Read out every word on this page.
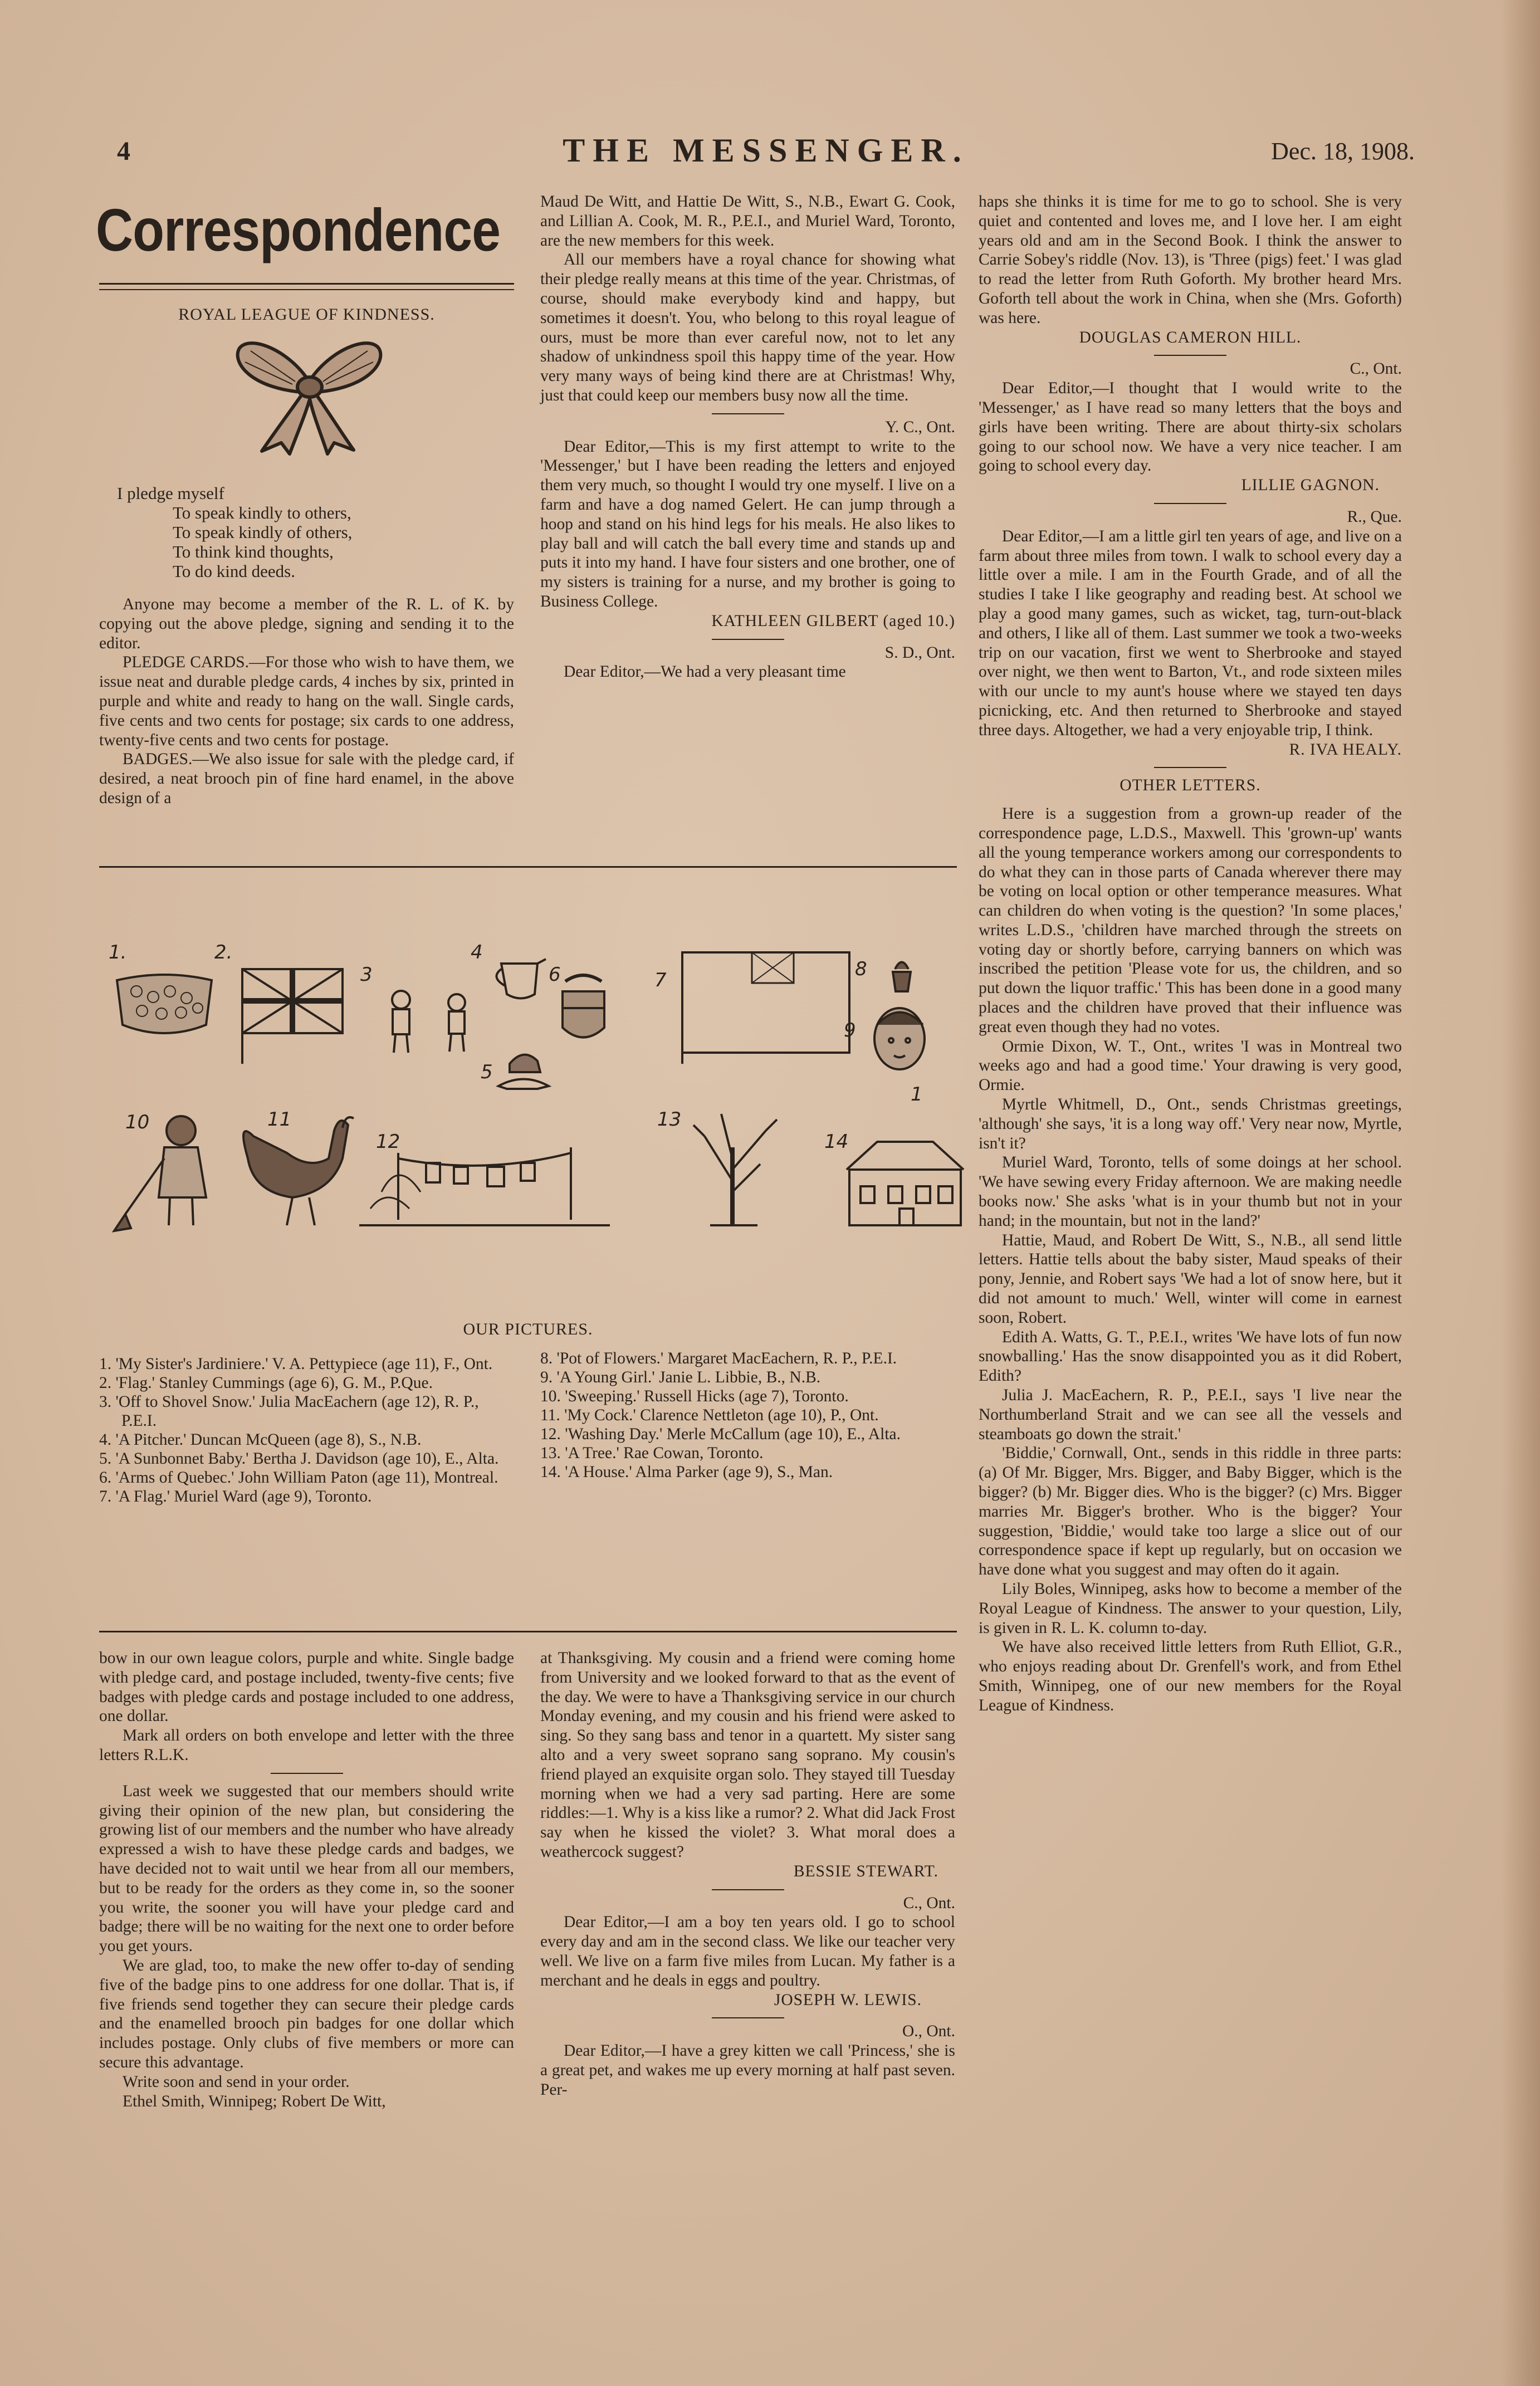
4	THE MESSENGER.	Dec. 18, 1908.
Correspondence
ROYAL LEAGUE OF KINDNESS.
I pledge myself
To speak kindly to others,
To speak kindly of others,
To think kind thoughts,
To do kind deeds.

Anyone may become a member of the R. L. of K. by copying out the above pledge, signing and sending it to the editor.

PLEDGE CARDS.—For those who wish to have them, we issue neat and durable pledge cards, 4 inches by six, printed in purple and white and ready to hang on the wall. Single cards, five cents and two cents for postage; six cards to one address, twenty-five cents and two cents for postage.

BADGES.—We also issue for sale with the pledge card, if desired, a neat brooch pin of fine hard enamel, in the above design of a

Maud De Witt, and Hattie De Witt, S., N.B., Ewart G. Cook, and Lillian A. Cook, M. R., P.E.I., and Muriel Ward, Toronto, are the new members for this week.

All our members have a royal chance for showing what their pledge really means at this time of the year. Christmas, of course, should make everybody kind and happy, but sometimes it doesn't. You, who belong to this royal league of ours, must be more than ever careful now, not to let any shadow of unkindness spoil this happy time of the year. How very many ways of being kind there are at Christmas! Why, just that could keep our members busy now all the time.

Y. C., Ont.

Dear Editor,—This is my first attempt to write to the 'Messenger,' but I have been reading the letters and enjoyed them very much, so thought I would try one myself. I live on a farm and have a dog named Gelert. He can jump through a hoop and stand on his hind legs for his meals. He also likes to play ball and will catch the ball every time and stands up and puts it into my hand. I have four sisters and one brother, one of my sisters is training for a nurse, and my brother is going to Business College.

KATHLEEN GILBERT (aged 10.)
S. D., Ont.

Dear Editor,—We had a very pleasant time

haps she thinks it is time for me to go to school. She is very quiet and contented and loves me, and I love her. I am eight years old and am in the Second Book. I think the answer to Carrie Sobey's riddle (Nov. 13), is 'Three (pigs) feet.' I was glad to read the letter from Ruth Goforth. My brother heard Mrs. Goforth tell about the work in China, when she (Mrs. Goforth) was here.

DOUGLAS CAMERON HILL.
C., Ont.

Dear Editor,—I thought that I would write to the 'Messenger,' as I have read so many letters that the boys and girls have been writing. There are about thirty-six scholars going to our school now. We have a very nice teacher. I am going to school every day.

LILLIE GAGNON.
R., Que.

Dear Editor,—I am a little girl ten years of age, and live on a farm about three miles from town. I walk to school every day a little over a mile. I am in the Fourth Grade, and of all the studies I take I like geography and reading best. At school we play a good many games, such as wicket, tag, turn-out-black and others, I like all of them. Last summer we took a two-weeks trip on our vacation, first we went to Sherbrooke and stayed over night, we then went to Barton, Vt., and rode sixteen miles with our uncle to my aunt's house where we stayed ten days picnicking, etc. And then returned to Sherbrooke and stayed three days. Altogether, we had a very enjoyable trip, I think.

R. IVA HEALY.
OTHER LETTERS.

Here is a suggestion from a grown-up reader of the correspondence page, L.D.S., Maxwell. This 'grown-up' wants all the young temperance workers among our correspondents to do what they can in those parts of Canada wherever there may be voting on local option or other temperance measures. What can children do when voting is the question? 'In some places,' writes L.D.S., 'children have marched through the streets on voting day or shortly before, carrying banners on which was inscribed the petition 'Please vote for us, the children, and so put down the liquor traffic.' This has been done in a good many places and the children have proved that their influence was great even though they had no votes.

Ormie Dixon, W. T., Ont., writes 'I was in Montreal two weeks ago and had a good time.' Your drawing is very good, Ormie.

Myrtle Whitmell, D., Ont., sends Christmas greetings, 'although' she says, 'it is a long way off.' Very near now, Myrtle, isn't it?

Muriel Ward, Toronto, tells of some doings at her school. 'We have sewing every Friday afternoon. We are making needle books now.' She asks 'what is in your thumb but not in your hand; in the mountain, but not in the land?'

Hattie, Maud, and Robert De Witt, S., N.B., all send little letters. Hattie tells about the baby sister, Maud speaks of their pony, Jennie, and Robert says 'We had a lot of snow here, but it did not amount to much.' Well, winter will come in earnest soon, Robert.

Edith A. Watts, G. T., P.E.I., writes 'We have lots of fun now snowballing.' Has the snow disappointed you as it did Robert, Edith?

Julia J. MacEachern, R. P., P.E.I., says 'I live near the Northumberland Strait and we can see all the vessels and steamboats go down the strait.'

'Biddie,' Cornwall, Ont., sends in this riddle in three parts: (a) Of Mr. Bigger, Mrs. Bigger, and Baby Bigger, which is the bigger? (b) Mr. Bigger dies. Who is the bigger? (c) Mrs. Bigger marries Mr. Bigger's brother. Who is the bigger? Your suggestion, 'Biddie,' would take too large a slice out of our correspondence space if kept up regularly, but on occasion we have done what you suggest and may often do it again.

Lily Boles, Winnipeg, asks how to become a member of the Royal League of Kindness. The answer to your question, Lily, is given in R. L. K. column to-day.

We have also received little letters from Ruth Elliot, G.R., who enjoys reading about Dr. Grenfell's work, and from Ethel Smith, Winnipeg, one of our new members for the Royal League of Kindness.

1.	2.
3
4
5
6	7	8
9
10	11
12
13
14
1
OUR PICTURES.
1. 'My Sister's Jardiniere.' V. A. Pettypiece (age 11), F., Ont.
2. 'Flag.' Stanley Cummings (age 6), G. M., P.Que.
3. 'Off to Shovel Snow.' Julia MacEachern (age 12), R. P., P.E.I.
4. 'A Pitcher.' Duncan McQueen (age 8), S., N.B.
5. 'A Sunbonnet Baby.' Bertha J. Davidson (age 10), E., Alta.
6. 'Arms of Quebec.' John William Paton (age 11), Montreal.
7. 'A Flag.' Muriel Ward (age 9), Toronto.
8. 'Pot of Flowers.' Margaret MacEachern, R. P., P.E.I.
9. 'A Young Girl.' Janie L. Libbie, B., N.B.
10. 'Sweeping.' Russell Hicks (age 7), Toronto.
11. 'My Cock.' Clarence Nettleton (age 10), P., Ont.
12. 'Washing Day.' Merle McCallum (age 10), E., Alta.
13. 'A Tree.' Rae Cowan, Toronto.
14. 'A House.' Alma Parker (age 9), S., Man.

bow in our own league colors, purple and white. Single badge with pledge card, and postage included, twenty-five cents; five badges with pledge cards and postage included to one address, one dollar.

Mark all orders on both envelope and letter with the three letters R.L.K.

Last week we suggested that our members should write giving their opinion of the new plan, but considering the growing list of our members and the number who have already expressed a wish to have these pledge cards and badges, we have decided not to wait until we hear from all our members, but to be ready for the orders as they come in, so the sooner you write, the sooner you will have your pledge card and badge; there will be no waiting for the next one to order before you get yours.

We are glad, too, to make the new offer to-day of sending five of the badge pins to one address for one dollar. That is, if five friends send together they can secure their pledge cards and the enamelled brooch pin badges for one dollar which includes postage. Only clubs of five members or more can secure this advantage.

Write soon and send in your order.

Ethel Smith, Winnipeg; Robert De Witt,

at Thanksgiving. My cousin and a friend were coming home from University and we looked forward to that as the event of the day. We were to have a Thanksgiving service in our church Monday evening, and my cousin and his friend were asked to sing. So they sang bass and tenor in a quartett. My sister sang alto and a very sweet soprano sang soprano. My cousin's friend played an exquisite organ solo. They stayed till Tuesday morning when we had a very sad parting. Here are some riddles:—1. Why is a kiss like a rumor? 2. What did Jack Frost say when he kissed the violet? 3. What moral does a weathercock suggest?

BESSIE STEWART.
C., Ont.

Dear Editor,—I am a boy ten years old. I go to school every day and am in the second class. We like our teacher very well. We live on a farm five miles from Lucan. My father is a merchant and he deals in eggs and poultry.

JOSEPH W. LEWIS.
O., Ont.

Dear Editor,—I have a grey kitten we call 'Princess,' she is a great pet, and wakes me up every morning at half past seven. Per-
